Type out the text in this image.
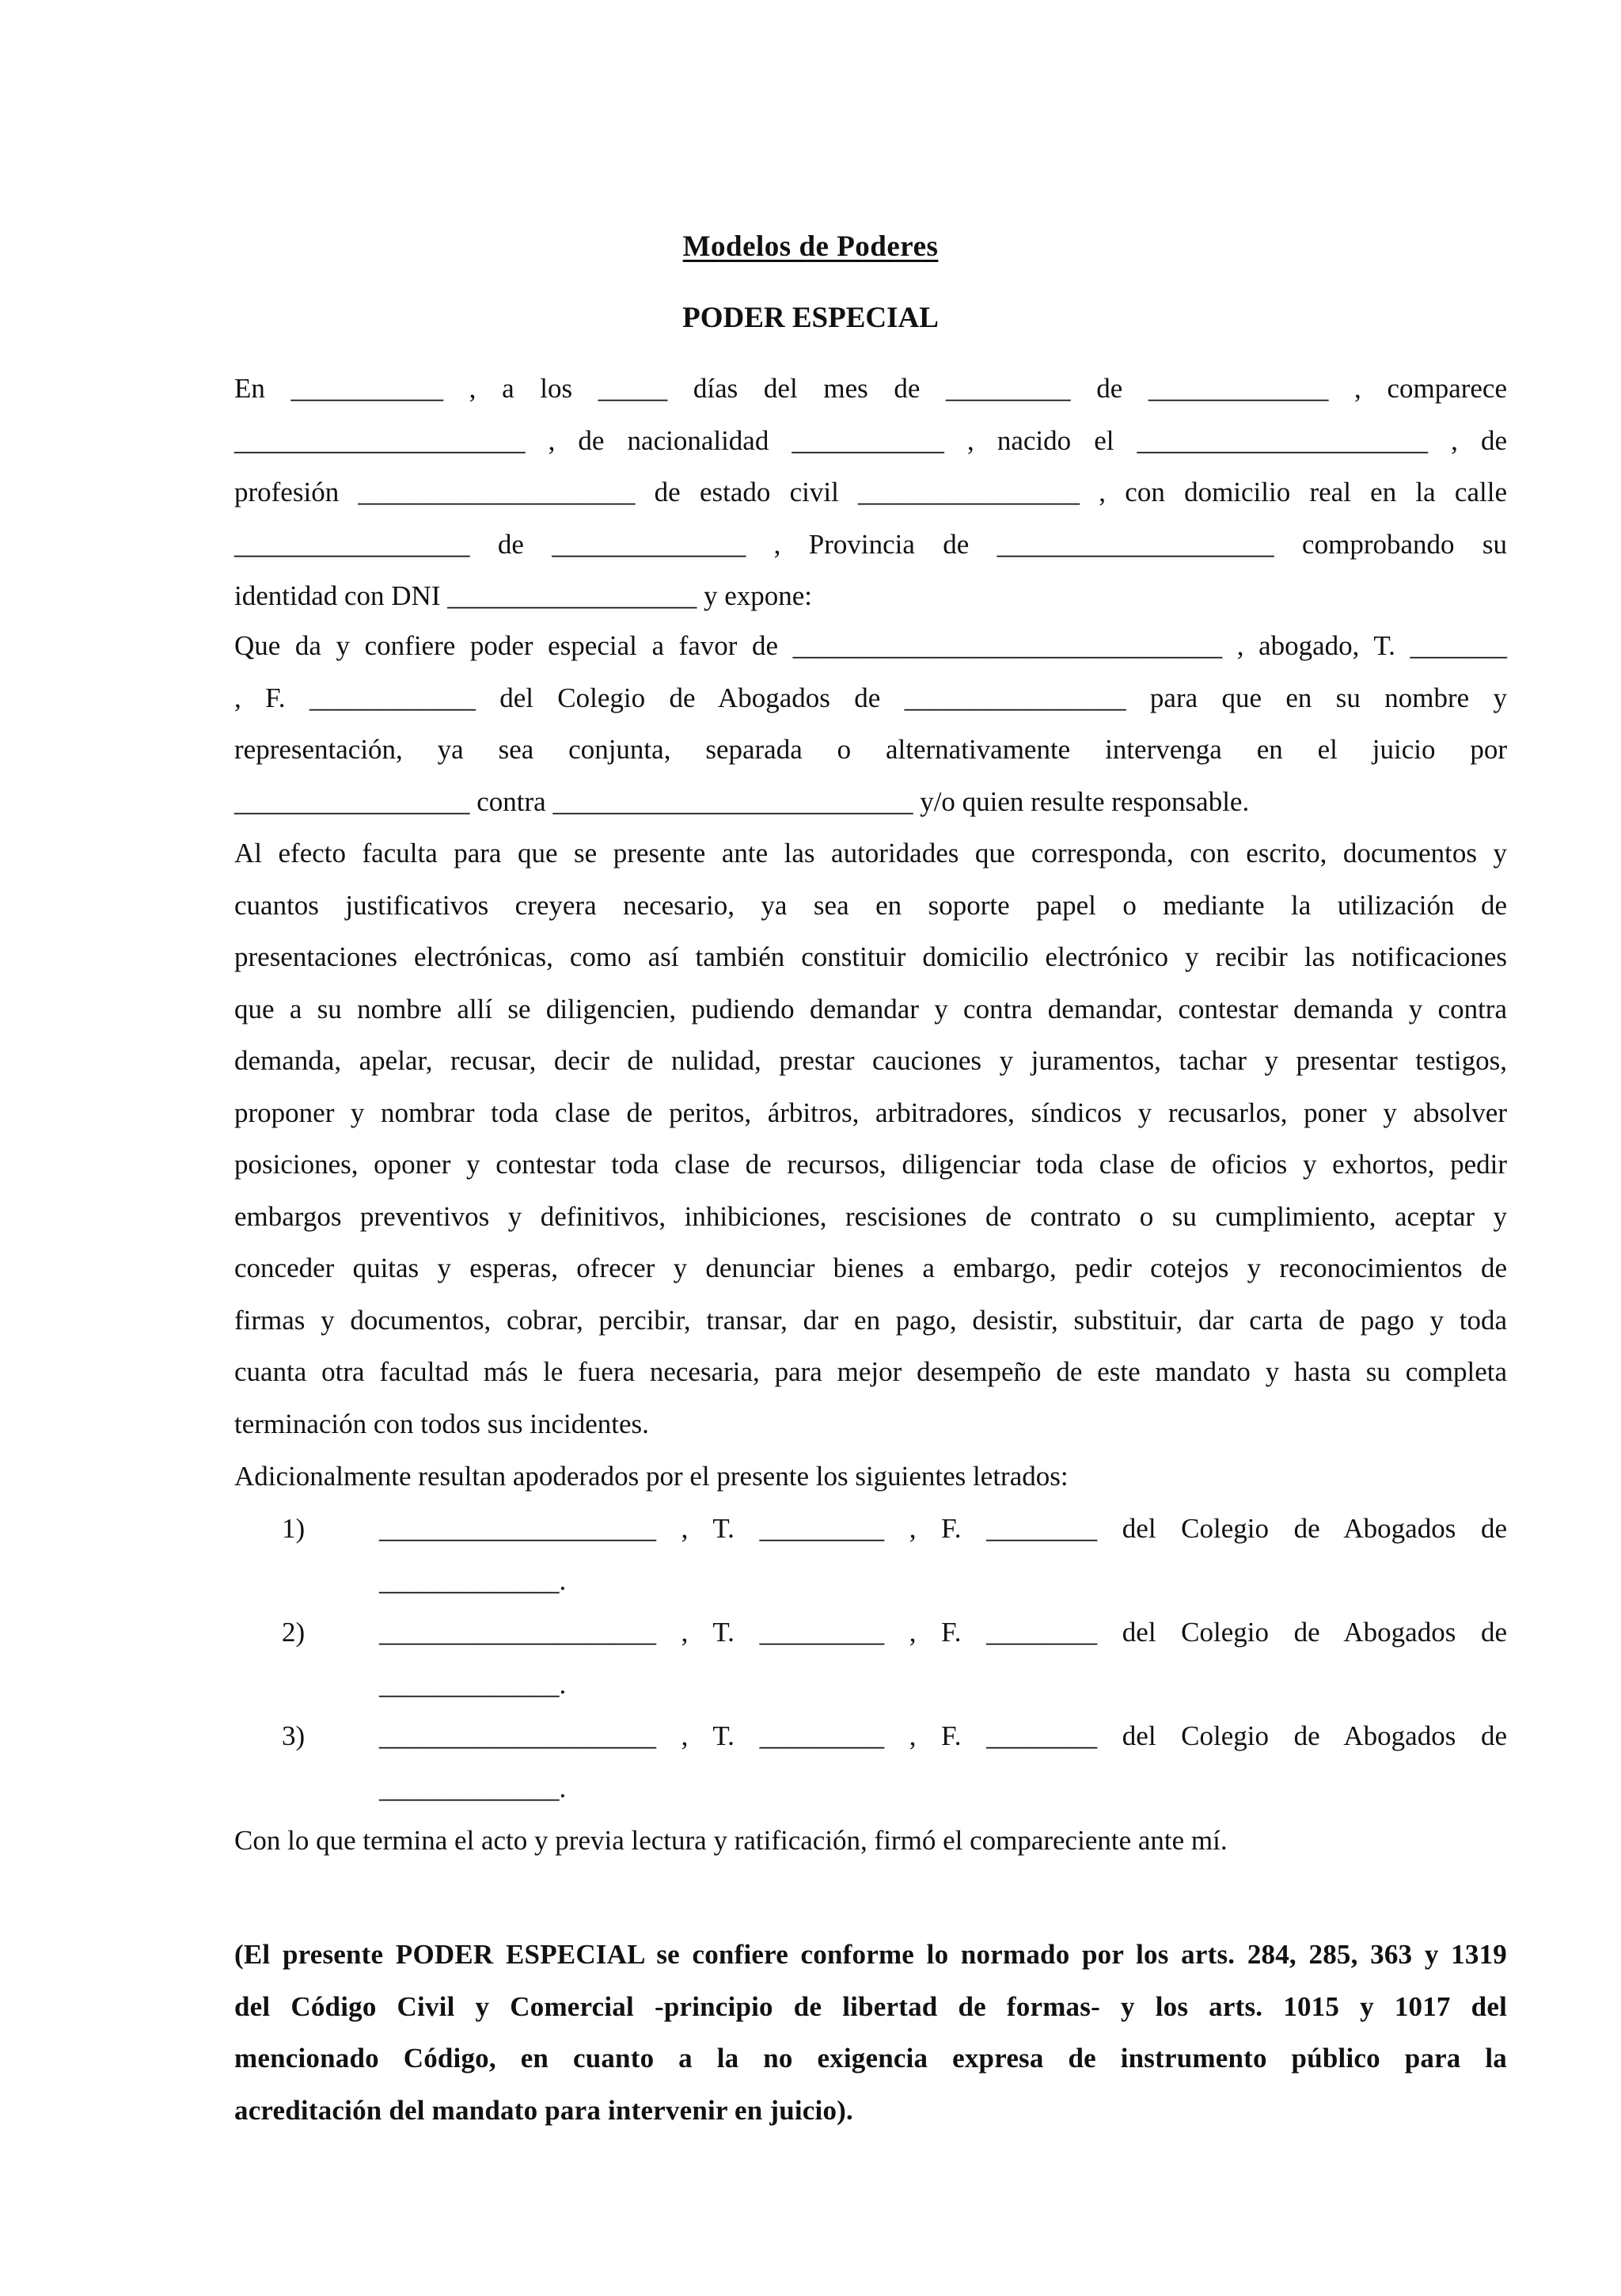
Modelos de Poderes
PODER ESPECIAL
En ___________ , a los _____ días del mes de _________ de _____________ , comparece
_____________________ , de nacionalidad ___________ , nacido el _____________________ , de
profesión ____________________ de estado civil ________________ , con domicilio real en la calle
_________________ de ______________ , Provincia de ____________________ comprobando su
identidad con DNI __________________ y expone:
Que da y confiere poder especial a favor de _______________________________ , abogado, T. _______
, F. ____________ del Colegio de Abogados de ________________ para que en su nombre y
representación, ya sea conjunta, separada o alternativamente intervenga en el juicio por
_________________ contra __________________________ y/o quien resulte responsable.
Al efecto faculta para que se presente ante las autoridades que corresponda, con escrito, documentos y
cuantos justificativos creyera necesario, ya sea en soporte papel o mediante la utilización de
presentaciones electrónicas, como así también constituir domicilio electrónico y recibir las notificaciones
que a su nombre allí se diligencien, pudiendo demandar y contra demandar, contestar demanda y contra
demanda, apelar, recusar, decir de nulidad, prestar cauciones y juramentos, tachar y presentar testigos,
proponer y nombrar toda clase de peritos, árbitros, arbitradores, síndicos y recusarlos, poner y absolver
posiciones, oponer y contestar toda clase de recursos, diligenciar toda clase de oficios y exhortos, pedir
embargos preventivos y definitivos, inhibiciones, rescisiones de contrato o su cumplimiento, aceptar y
conceder quitas y esperas, ofrecer y denunciar bienes a embargo, pedir cotejos y reconocimientos de
firmas y documentos, cobrar, percibir, transar, dar en pago, desistir, substituir, dar carta de pago y toda
cuanta otra facultad más le fuera necesaria, para mejor desempeño de este mandato y hasta su completa
terminación con todos sus incidentes.
Adicionalmente resultan apoderados por el presente los siguientes letrados:
1)	____________________ , T. _________ , F. ________ del Colegio de Abogados de
_____________.
2)	____________________ , T. _________ , F. ________ del Colegio de Abogados de
_____________.
3)	____________________ , T. _________ , F. ________ del Colegio de Abogados de
_____________.
Con lo que termina el acto y previa lectura y ratificación, firmó el compareciente ante mí.
(El presente PODER ESPECIAL se confiere conforme lo normado por los arts. 284, 285, 363 y 1319
del Código Civil y Comercial -principio de libertad de formas- y los arts. 1015 y 1017 del
mencionado Código, en cuanto a la no exigencia expresa de instrumento público para la
acreditación del mandato para intervenir en juicio).
